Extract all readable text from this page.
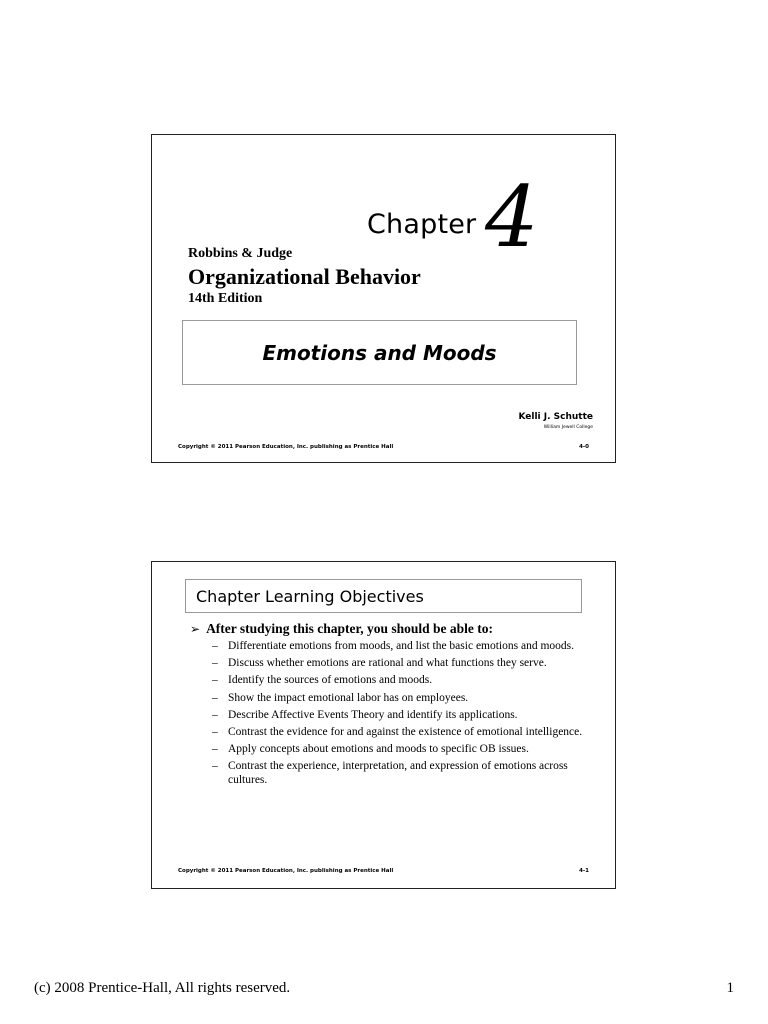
Chapter 4
Robbins & Judge
Organizational Behavior
14th Edition
Emotions and Moods
Kelli J. Schutte
William Jewell College
Copyright © 2011 Pearson Education, Inc. publishing as Prentice Hall	4-0
Chapter Learning Objectives
➢ After studying this chapter, you should be able to:
– Differentiate emotions from moods, and list the basic emotions and moods.
– Discuss whether emotions are rational and what functions they serve.
– Identify the sources of emotions and moods.
– Show the impact emotional labor has on employees.
– Describe Affective Events Theory and identify its applications.
– Contrast the evidence for and against the existence of emotional intelligence.
– Apply concepts about emotions and moods to specific OB issues.
– Contrast the experience, interpretation, and expression of emotions across cultures.
Copyright © 2011 Pearson Education, Inc. publishing as Prentice Hall	4-1
(c) 2008 Prentice-Hall, All rights reserved.	1
